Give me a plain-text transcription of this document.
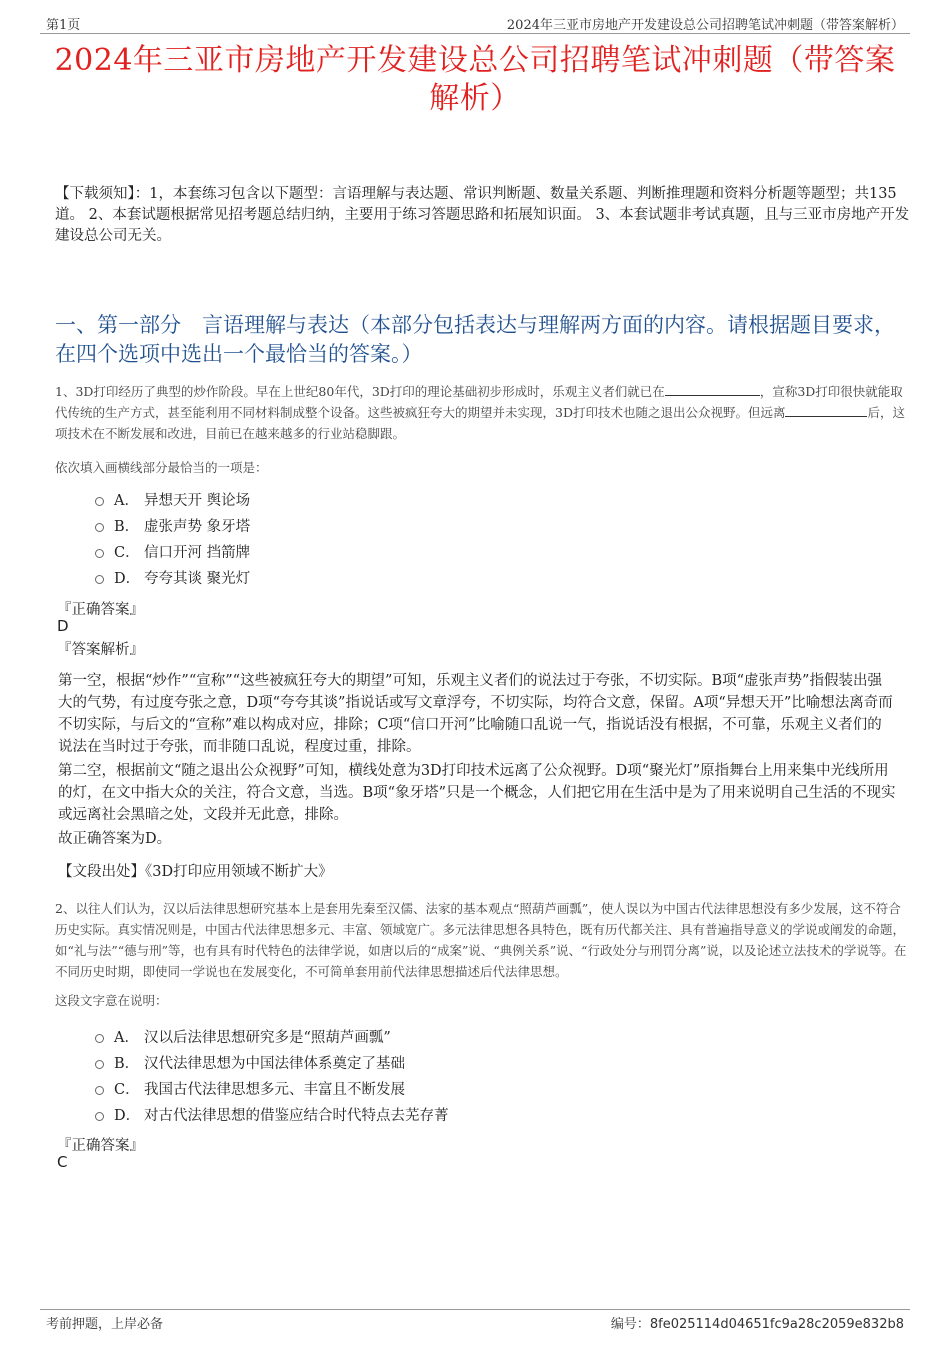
第1页	2024年三亚市房地产开发建设总公司招聘笔试冲刺题（带答案解析）
2024年三亚市房地产开发建设总公司招聘笔试冲刺题（带答案解析）
【下载须知】：1，本套练习包含以下题型：言语理解与表达题、常识判断题、数量关系题、判断推理题和资料分析题等题型；共135道。 2、本套试题根据常见招考题总结归纳，主要用于练习答题思路和拓展知识面。 3、本套试题非考试真题，且与三亚市房地产开发建设总公司无关。
一、第一部分　言语理解与表达（本部分包括表达与理解两方面的内容。请根据题目要求，在四个选项中选出一个最恰当的答案。）
1、3D打印经历了典型的炒作阶段。早在上世纪80年代，3D打印的理论基础初步形成时，乐观主义者们就已在	，宣称3D打印很快就能取代传统的生产方式，甚至能利用不同材料制成整个设备。这些被疯狂夸大的期望并未实现，3D打印技术也随之退出公众视野。但远离	后，这项技术在不断发展和改进，目前已在越来越多的行业站稳脚跟。
依次填入画横线部分最恰当的一项是：
A． 异想天开 舆论场
B． 虚张声势 象牙塔
C． 信口开河 挡箭牌
D． 夸夸其谈 聚光灯
『正确答案』
D
『答案解析』
第一空，根据“炒作”“宣称”“这些被疯狂夸大的期望”可知，乐观主义者们的说法过于夸张，不切实际。B项“虚张声势”指假装出强大的气势，有过度夸张之意，D项“夸夸其谈”指说话或写文章浮夸，不切实际，均符合文意，保留。A项“异想天开”比喻想法离奇而不切实际，与后文的“宣称”难以构成对应，排除；C项“信口开河”比喻随口乱说一气，指说话没有根据，不可靠，乐观主义者们的说法在当时过于夸张，而非随口乱说，程度过重，排除。
第二空，根据前文“随之退出公众视野”可知，横线处意为3D打印技术远离了公众视野。D项“聚光灯”原指舞台上用来集中光线所用的灯，在文中指大众的关注，符合文意，当选。B项“象牙塔”只是一个概念，人们把它用在生活中是为了用来说明自己生活的不现实或远离社会黑暗之处，文段并无此意，排除。
故正确答案为D。
【文段出处】《3D打印应用领域不断扩大》
2、以往人们认为，汉以后法律思想研究基本上是套用先秦至汉儒、法家的基本观点“照葫芦画瓢”，使人误以为中国古代法律思想没有多少发展，这不符合历史实际。真实情况则是，中国古代法律思想多元、丰富、领域宽广。多元法律思想各具特色，既有历代都关注、具有普遍指导意义的学说或阐发的命题，如“礼与法”“德与刑”等，也有具有时代特色的法律学说，如唐以后的“成案”说、“典例关系”说、“行政处分与刑罚分离”说，以及论述立法技术的学说等。在不同历史时期，即使同一学说也在发展变化，不可简单套用前代法律思想描述后代法律思想。
这段文字意在说明：
A． 汉以后法律思想研究多是“照葫芦画瓢”
B． 汉代法律思想为中国法律体系奠定了基础
C． 我国古代法律思想多元、丰富且不断发展
D． 对古代法律思想的借鉴应结合时代特点去芜存菁
『正确答案』
C
考前押题，上岸必备	编号：8fe025114d04651fc9a28c2059e832b8
